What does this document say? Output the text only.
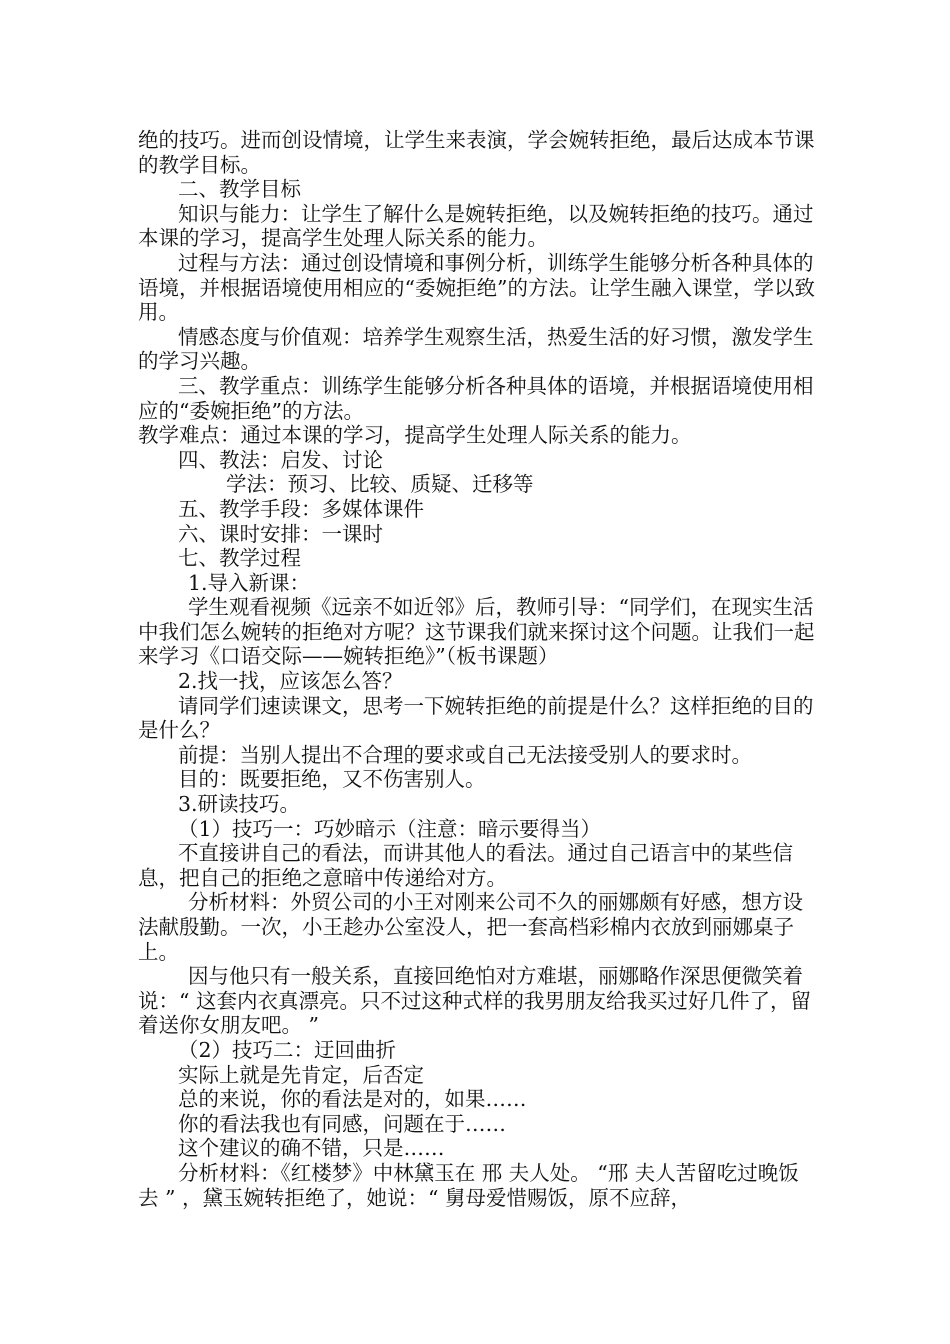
绝的技巧。进而创设情境，让学生来表演，学会婉转拒绝，最后达成本节课的教学目标。

二、教学目标

知识与能力：让学生了解什么是婉转拒绝，以及婉转拒绝的技巧。通过本课的学习，提高学生处理人际关系的能力。

过程与方法：通过创设情境和事例分析，训练学生能够分析各种具体的语境，并根据语境使用相应的“委婉拒绝”的方法。让学生融入课堂，学以致用。

情感态度与价值观：培养学生观察生活，热爱生活的好习惯，激发学生的学习兴趣。

三、教学重点：训练学生能够分析各种具体的语境，并根据语境使用相应的“委婉拒绝”的方法。

教学难点：通过本课的学习，提高学生处理人际关系的能力。

四、教法：启发、讨论

学法：预习、比较、质疑、迁移等

五、教学手段：多媒体课件

六、课时安排：一课时

七、教学过程

1.导入新课：

学生观看视频《远亲不如近邻》后，教师引导：“同学们，在现实生活中我们怎么婉转的拒绝对方呢？这节课我们就来探讨这个问题。让我们一起来学习《口语交际——婉转拒绝》”（板书课题）

2.找一找，应该怎么答？

请同学们速读课文，思考一下婉转拒绝的前提是什么？这样拒绝的目的是什么？

前提：当别人提出不合理的要求或自己无法接受别人的要求时。

目的：既要拒绝，又不伤害别人。

3.研读技巧。

（1）技巧一：巧妙暗示（注意：暗示要得当）

不直接讲自己的看法，而讲其他人的看法。通过自己语言中的某些信息，把自己的拒绝之意暗中传递给对方。

分析材料：外贸公司的小王对刚来公司不久的丽娜颇有好感，想方设法献殷勤。一次，小王趁办公室没人，把一套高档彩棉内衣放到丽娜桌子上。

因与他只有一般关系，直接回绝怕对方难堪，丽娜略作深思便微笑着说：“ 这套内衣真漂亮。只不过这种式样的我男朋友给我买过好几件了，留着送你女朋友吧。 ”

（2）技巧二：迂回曲折

实际上就是先肯定，后否定

总的来说，你的看法是对的，如果……

你的看法我也有同感，问题在于……

这个建议的确不错，只是……

分析材料：《红楼梦》中林黛玉在 邢 夫人处。 “邢 夫人苦留吃过晚饭去 ” ，黛玉婉转拒绝了，她说：“ 舅母爱惜赐饭，原不应辞，
